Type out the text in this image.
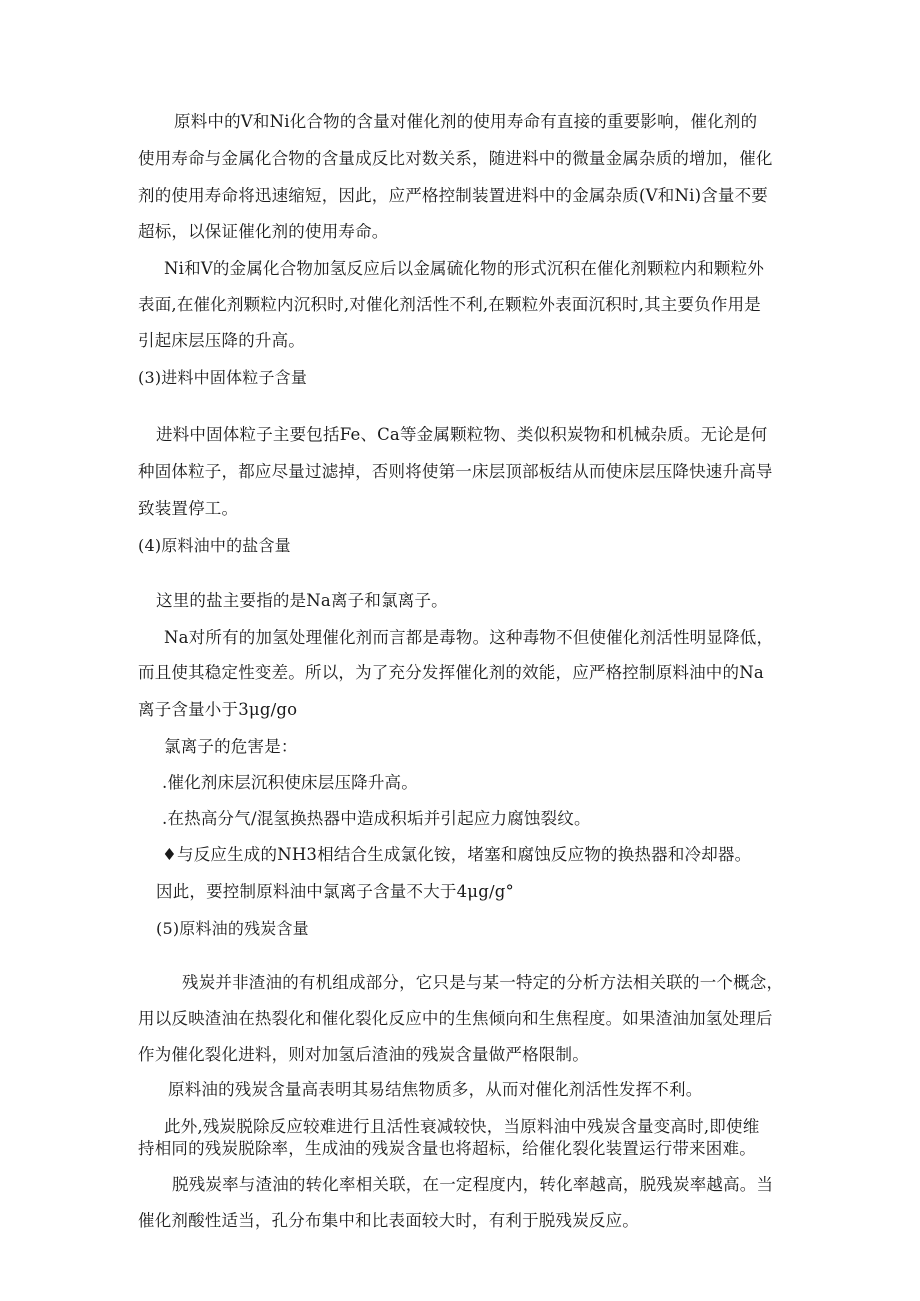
原料中的V和Ni化合物的含量对催化剂的使用寿命有直接的重要影响，催化剂的
使用寿命与金属化合物的含量成反比对数关系，随进料中的微量金属杂质的增加，催化
剂的使用寿命将迅速缩短，因此，应严格控制装置进料中的金属杂质(V和Ni)含量不要
超标，以保证催化剂的使用寿命。
Ni和V的金属化合物加氢反应后以金属硫化物的形式沉积在催化剂颗粒内和颗粒外
表面,在催化剂颗粒内沉积时,对催化剂活性不利,在颗粒外表面沉积时,其主要负作用是
引起床层压降的升高。
(3)进料中固体粒子含量
进料中固体粒子主要包括Fe、Ca等金属颗粒物、类似积炭物和机械杂质。无论是何
种固体粒子，都应尽量过滤掉，否则将使第一床层顶部板结从而使床层压降快速升高导
致装置停工。
(4)原料油中的盐含量
这里的盐主要指的是Na离子和氯离子。
Na对所有的加氢处理催化剂而言都是毒物。这种毒物不但使催化剂活性明显降低，
而且使其稳定性变差。所以，为了充分发挥催化剂的效能，应严格控制原料油中的Na
离子含量小于3μg∕go
氯离子的危害是：
.催化剂床层沉积使床层压降升高。
.在热高分气/混氢换热器中造成积垢并引起应力腐蚀裂纹。
♦与反应生成的NH3相结合生成氯化铵，堵塞和腐蚀反应物的换热器和冷却器。
因此，要控制原料油中氯离子含量不大于4μg∕g°
(5)原料油的残炭含量
残炭并非渣油的有机组成部分，它只是与某一特定的分析方法相关联的一个概念，
用以反映渣油在热裂化和催化裂化反应中的生焦倾向和生焦程度。如果渣油加氢处理后
作为催化裂化进料，则对加氢后渣油的残炭含量做严格限制。
原料油的残炭含量高表明其易结焦物质多，从而对催化剂活性发挥不利。
此外,残炭脱除反应较难进行且活性衰减较快，当原料油中残炭含量变高时,即使维
持相同的残炭脱除率，生成油的残炭含量也将超标，给催化裂化装置运行带来困难。
脱残炭率与渣油的转化率相关联，在一定程度内，转化率越高，脱残炭率越高。当
催化剂酸性适当，孔分布集中和比表面较大时，有利于脱残炭反应。
